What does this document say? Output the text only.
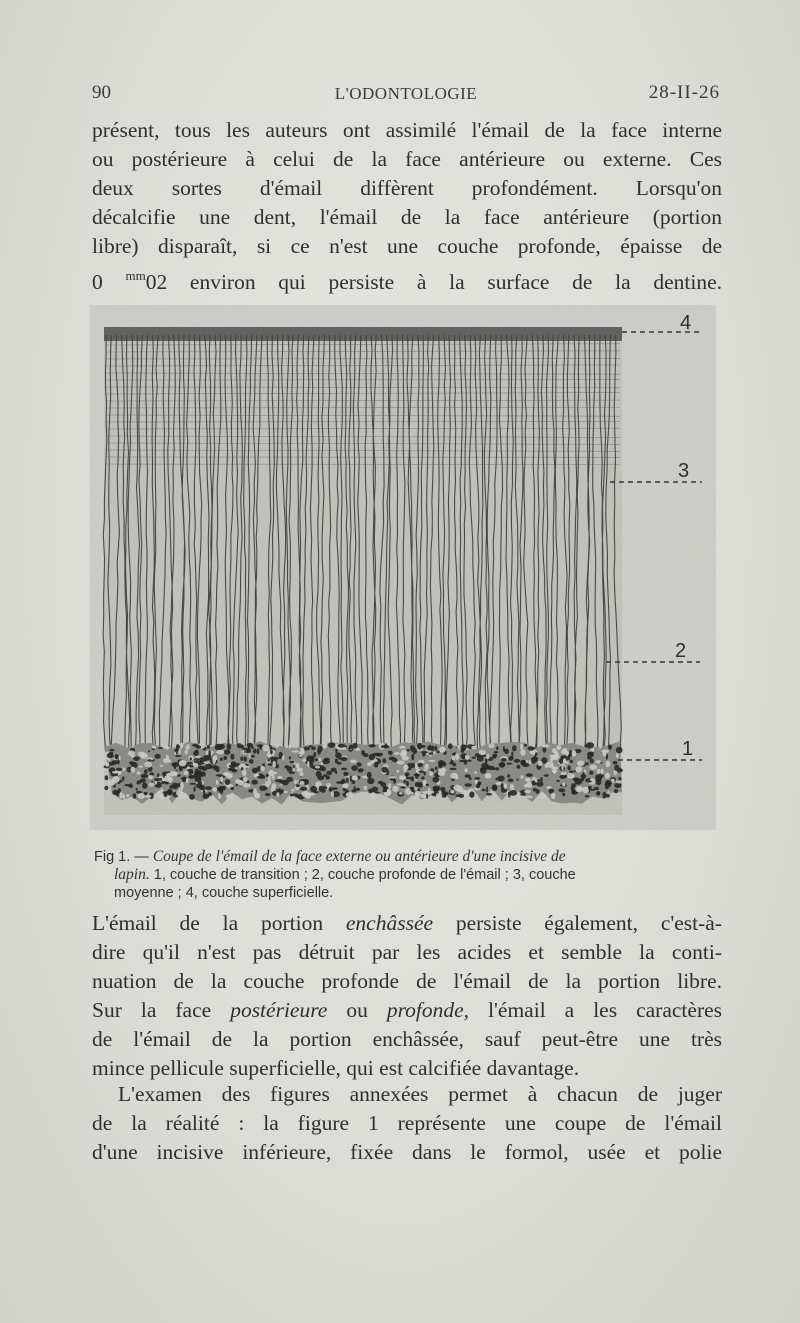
90	L'ODONTOLOGIE	28-II-26
présent, tous les auteurs ont assimilé l'émail de la face interne
ou postérieure à celui de la face antérieure ou externe. Ces
deux sortes d'émail diffèrent profondément. Lorsqu'on
décalcifie une dent, l'émail de la face antérieure (portion
libre) disparaît, si ce n'est une couche profonde, épaisse de
0 $^{mm}$02 environ qui persiste à la surface de la dentine.
4
3
2
1
Fig 1. — Coupe de l'émail de la face externe ou antérieure d'une incisive de
lapin. 1, couche de transition ; 2, couche profonde de l'émail ; 3, couche
moyenne ; 4, couche superficielle.
L'émail de la portion enchâssée persiste également, c'est-à-
dire qu'il n'est pas détruit par les acides et semble la conti-
nuation de la couche profonde de l'émail de la portion libre.
Sur la face postérieure ou profonde, l'émail a les caractères
de l'émail de la portion enchâssée, sauf peut-être une très
mince pellicule superficielle, qui est calcifiée davantage.
L'examen des figures annexées permet à chacun de juger
de la réalité : la figure 1 représente une coupe de l'émail
d'une incisive inférieure, fixée dans le formol, usée et polie
